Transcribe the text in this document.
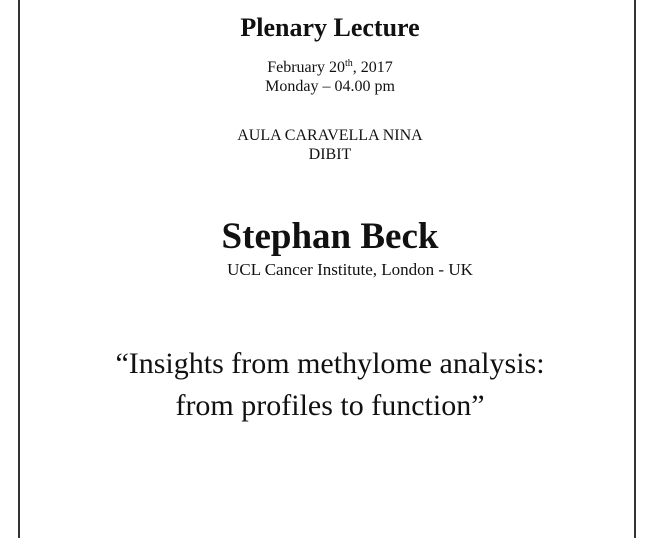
Plenary Lecture
February 20th, 2017
Monday – 04.00 pm
AULA CARAVELLA NINA
DIBIT
Stephan Beck
UCL Cancer Institute, London - UK
“Insights from methylome analysis:
from profiles to function”
